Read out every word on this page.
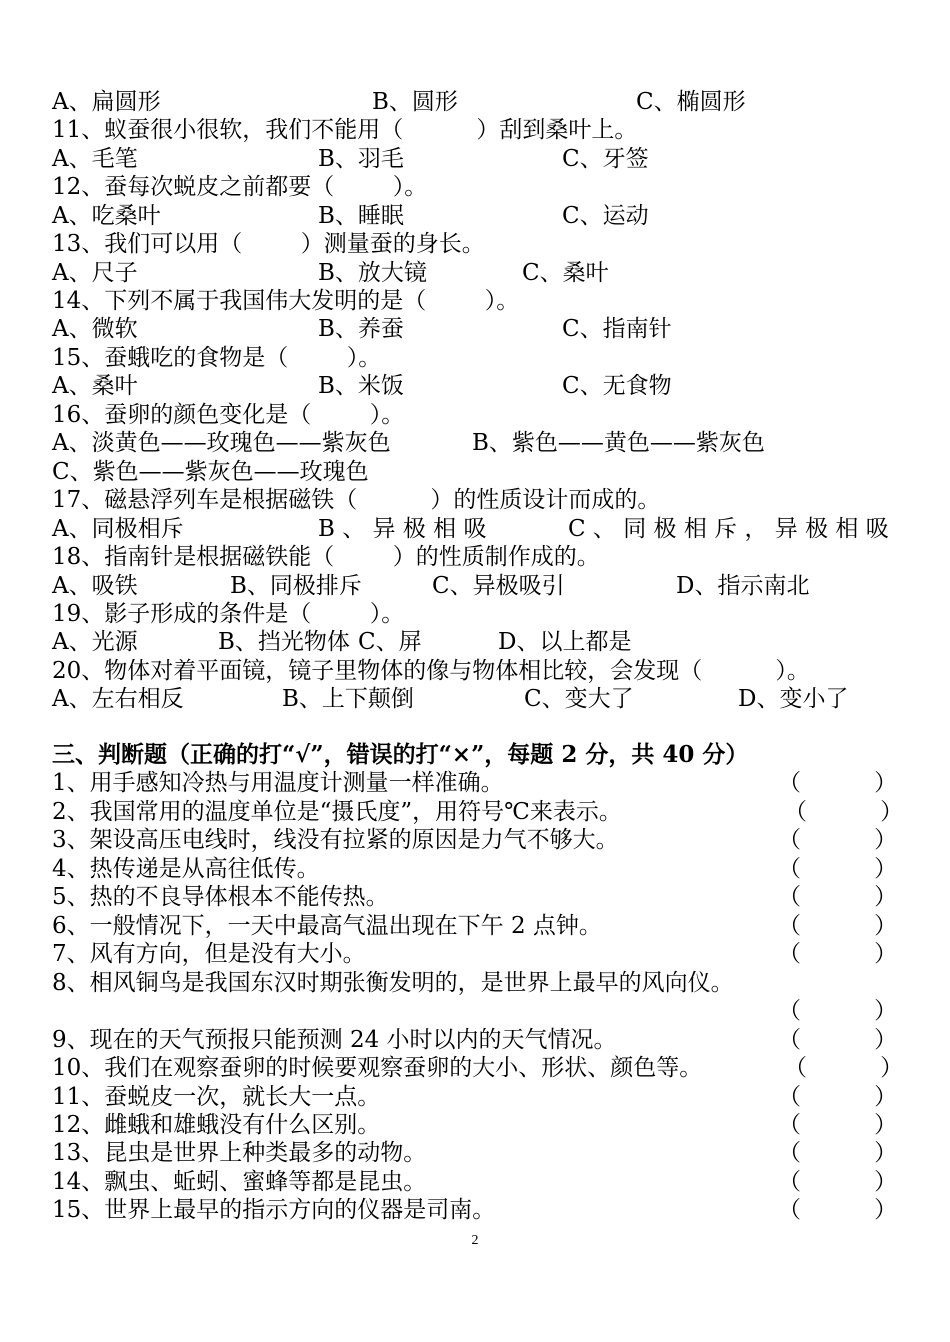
A、扁圆形	B、圆形	C、椭圆形
11、蚁蚕很小很软，我们不能用（          ）刮到桑叶上。
A、毛笔	B、羽毛	C、牙签
12、蚕每次蜕皮之前都要（        ）。
A、吃桑叶	B、睡眠	C、运动
13、我们可以用（        ）测量蚕的身长。
A、尺子	B、放大镜	C、桑叶
14、下列不属于我国伟大发明的是（        ）。
A、微软	B、养蚕	C、指南针
15、蚕蛾吃的食物是（        ）。
A、桑叶	B、米饭	C、无食物
16、蚕卵的颜色变化是（        ）。
A、淡黄色——玫瑰色——紫灰色	B、紫色——黄色——紫灰色
C、紫色——紫灰色——玫瑰色
17、磁悬浮列车是根据磁铁（          ）的性质设计而成的。
A、同极相斥	B 、 异 极 相 吸	C 、 同 极 相 斥 ， 异 极 相 吸
18、指南针是根据磁铁能（        ）的性质制作成的。
A、吸铁	B、同极排斥	C、异极吸引	D、指示南北
19、影子形成的条件是（        ）。
A、光源	B、挡光物体 C、屏	D、以上都是
20、物体对着平面镜，镜子里物体的像与物体相比较，会发现（          ）。
A、左右相反	B、上下颠倒	C、变大了	D、变小了
三、判断题（正确的打“√”，错误的打“×”，每题 2 分，共 40 分）
1、用手感知冷热与用温度计测量一样准确。	（          ）
2、我国常用的温度单位是“摄氏度”，用符号℃来表示。	（          ）
3、架设高压电线时，线没有拉紧的原因是力气不够大。	（          ）
4、热传递是从高往低传。	（          ）
5、热的不良导体根本不能传热。	（          ）
6、一般情况下，一天中最高气温出现在下午 2 点钟。	（          ）
7、风有方向，但是没有大小。	（          ）
8、相风铜鸟是我国东汉时期张衡发明的，是世界上最早的风向仪。
（          ）
9、现在的天气预报只能预测 24 小时以内的天气情况。	（          ）
10、我们在观察蚕卵的时候要观察蚕卵的大小、形状、颜色等。	（          ）
11、蚕蜕皮一次，就长大一点。	（          ）
12、雌蛾和雄蛾没有什么区别。	（          ）
13、昆虫是世界上种类最多的动物。	（          ）
14、飘虫、蚯蚓、蜜蜂等都是昆虫。	（          ）
15、世界上最早的指示方向的仪器是司南。	（          ）
2
